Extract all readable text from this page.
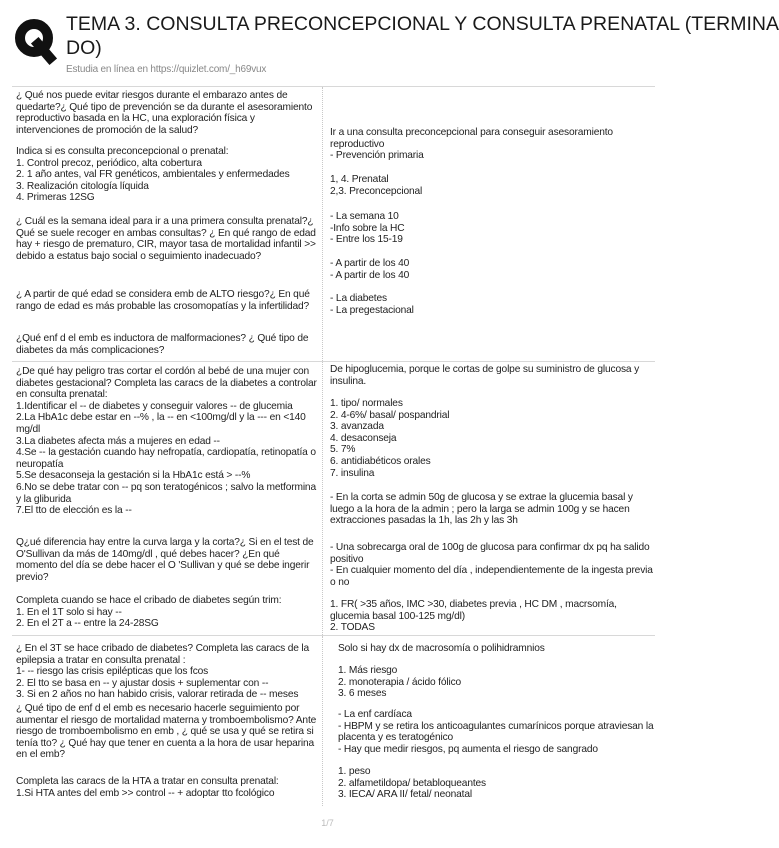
TEMA 3. CONSULTA PRECONCEPCIONAL Y CONSULTA PRENATAL (TERMINA
DO)
Estudia en línea en https://quizlet.com/_h69vux
¿ Qué nos puede evitar riesgos durante el embarazo antes de quedarte?¿ Qué tipo de prevención se da durante el asesoramiento reproductivo basada en la HC, una exploración física y intervenciones de promoción de la salud?
Indica si es consulta preconcepcional o prenatal:
1. Control precoz, periódico, alta cobertura
2. 1 año antes, val FR genéticos, ambientales y enfermedades
3. Realización citología líquida
4. Primeras 12SG
¿ Cuál es la semana ideal para ir a una primera consulta prenatal?¿ Qué se suele recoger en ambas consultas? ¿ En qué rango de edad hay + riesgo de prematuro, CIR, mayor tasa de mortalidad infantil >> debido a estatus bajo social o seguimiento inadecuado?
¿ A partir de qué edad se considera emb de ALTO riesgo?¿ En qué rango de edad es más probable las crosomopatías y la infertilidad?
¿Qué enf d el emb es inductora de malformaciones? ¿ Qué tipo de diabetes da más complicaciones?
Ir a una consulta preconcepcional para conseguir asesoramiento reproductivo
- Prevención primaria
1, 4. Prenatal
2,3. Preconcepcional
- La semana 10
-Info sobre la HC
- Entre los 15-19
- A partir de los 40
- A partir de los 40
- La diabetes
- La pregestacional
¿De qué hay peligro tras cortar el cordón al bebé de una mujer con diabetes gestacional? Completa las caracs de la diabetes a controlar en consulta prenatal:
1.Identificar el -- de diabetes y conseguir valores -- de glucemia
2.La HbA1c debe estar en --% , la -- en <100mg/dl y la --- en <140 mg/dl
3.La diabetes afecta más a mujeres en edad --
4.Se -- la gestación cuando hay nefropatía, cardiopatía, retinopatía o neuropatía
5.Se desaconseja la gestación si la HbA1c está > --%
6.No se debe tratar con -- pq son teratogénicos ; salvo la metformina y la gliburida
7.El tto de elección es la --
Q¿ué diferencia hay entre la curva larga y la corta?¿ Si en el test de O'Sullivan da más de 140mg/dl , qué debes hacer? ¿En qué momento del día se debe hacer el O 'Sullivan y qué se debe ingerir previo?
Completa cuando se hace el cribado de diabetes según trim:
1. En el 1T solo si hay --
2. En el 2T a -- entre la 24-28SG
De hipoglucemia, porque le cortas de golpe su suministro de glucosa y insulina.
1. tipo/ normales
2. 4-6%/ basal/ pospandrial
3. avanzada
4. desaconseja
5. 7%
6. antidiabéticos orales
7. insulina
- En la corta se admin 50g de glucosa y se extrae la glucemia basal y luego a la hora de la admin ; pero la larga se admin 100g y se hacen extracciones pasadas la 1h, las 2h y las 3h
- Una sobrecarga oral de 100g de glucosa para confirmar dx pq ha salido positivo
- En cualquier momento del día , independientemente de la ingesta previa o no
1. FR( >35 años, IMC >30, diabetes previa , HC DM , macrsomía, glucemia basal 100-125 mg/dl)
2. TODAS
¿ En el 3T se hace cribado de diabetes? Completa las caracs de la epilepsia a tratar en consulta prenatal :
1- -- riesgo las crisis epilépticas que los fcos
2. El tto se basa en -- y ajustar dosis + suplementar con --
3. Si en 2 años no han habido crisis, valorar retirada de -- meses
¿ Qué tipo de enf d el emb es necesario hacerle seguimiento por aumentar el riesgo de mortalidad materna y tromboembolismo? Ante riesgo de tromboembolismo en emb , ¿ qué se usa y qué se retira si tenía tto? ¿ Qué hay que tener en cuenta a la hora de usar heparina en el emb?
Completa las caracs de la HTA a tratar en consulta prenatal:
1.Si HTA antes del emb >> control -- + adoptar tto fcológico
Solo si hay dx de macrosomía o polihidramnios
1. Más riesgo
2. monoterapia / ácido fólico
3. 6 meses
- La enf cardíaca
- HBPM y se retira los anticoagulantes cumarínicos porque atraviesan la placenta y es teratogénico
- Hay que medir riesgos, pq aumenta el riesgo de sangrado
1. peso
2. alfametildopa/ betabloqueantes
3. IECA/ ARA II/ fetal/ neonatal
1/7
